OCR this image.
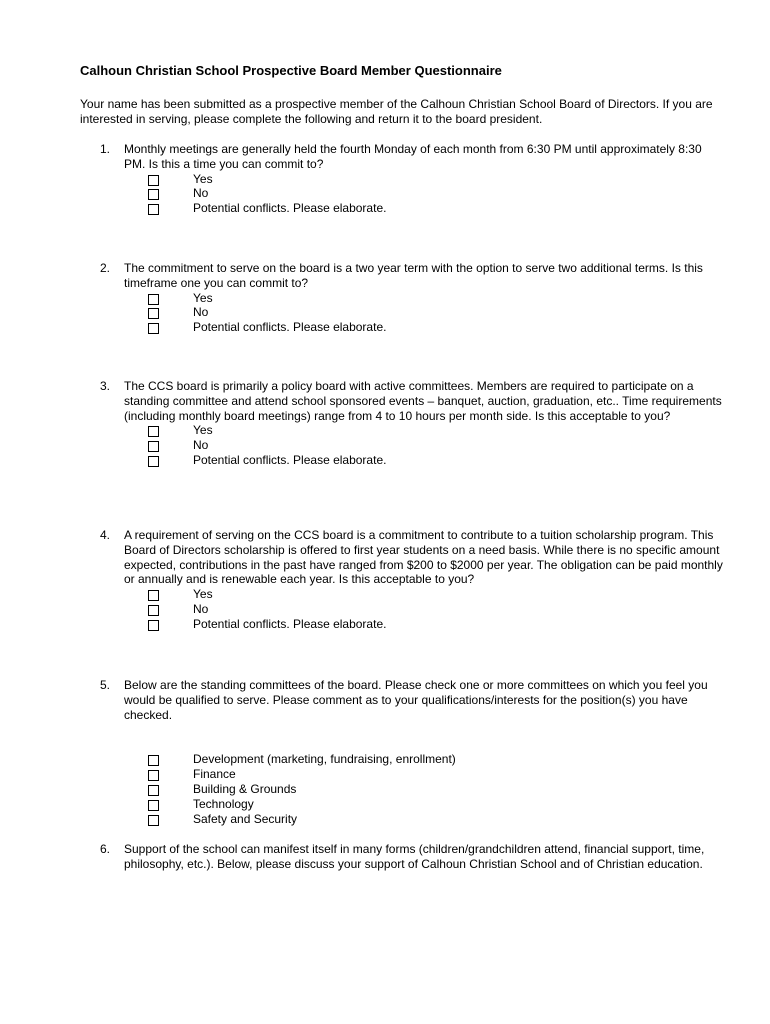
Calhoun Christian School Prospective Board Member Questionnaire

Your name has been submitted as a prospective member of the Calhoun Christian School Board of Directors. If you are interested in serving, please complete the following and return it to the board president.

1. Monthly meetings are generally held the fourth Monday of each month from 6:30 PM until approximately 8:30 PM. Is this a time you can commit to?
Yes
No
Potential conflicts. Please elaborate.
2. The commitment to serve on the board is a two year term with the option to serve two additional terms. Is this timeframe one you can commit to?
Yes
No
Potential conflicts. Please elaborate.
3. The CCS board is primarily a policy board with active committees. Members are required to participate on a standing committee and attend school sponsored events – banquet, auction, graduation, etc.. Time requirements (including monthly board meetings) range from 4 to 10 hours per month side. Is this acceptable to you?
Yes
No
Potential conflicts. Please elaborate.
4. A requirement of serving on the CCS board is a commitment to contribute to a tuition scholarship program. This Board of Directors scholarship is offered to first year students on a need basis. While there is no specific amount expected, contributions in the past have ranged from $200 to $2000 per year. The obligation can be paid monthly or annually and is renewable each year. Is this acceptable to you?
Yes
No
Potential conflicts. Please elaborate.
5. Below are the standing committees of the board. Please check one or more committees on which you feel you would be qualified to serve. Please comment as to your qualifications/interests for the position(s) you have checked.
Development (marketing, fundraising, enrollment)
Finance
Building & Grounds
Technology
Safety and Security
6. Support of the school can manifest itself in many forms (children/grandchildren attend, financial support, time, philosophy, etc.). Below, please discuss your support of Calhoun Christian School and of Christian education.
